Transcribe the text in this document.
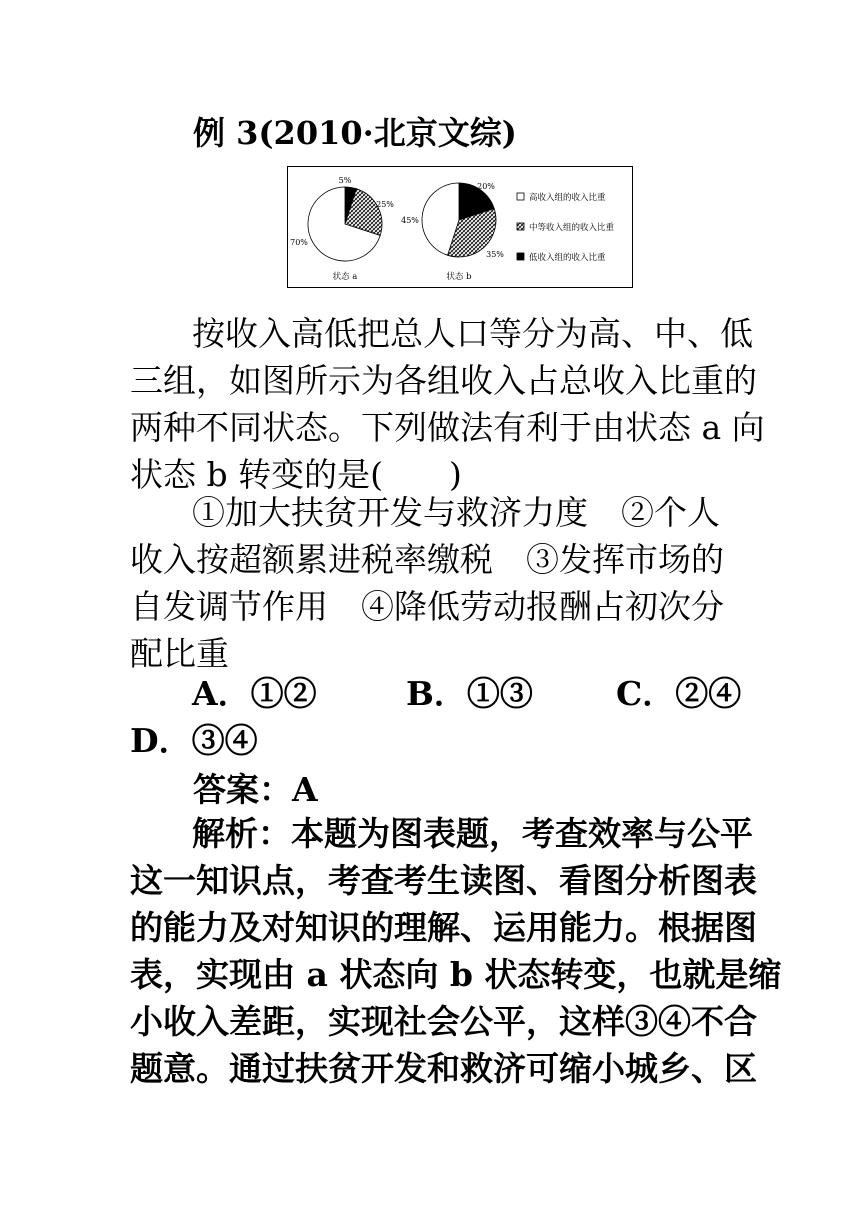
例 3(2010·北京文综)
5%
25%
70%
状态 a
20%
35%
45%
状态 b
高收入组的收入比重
中等收入组的收入比重
低收入组的收入比重
按收入高低把总人口等分为高、中、低
三组，如图所示为各组收入占总收入比重的
两种不同状态。下列做法有利于由状态 a 向
状态 b 转变的是(　　)
①加大扶贫开发与救济力度　②个人
收入按超额累进税率缴税　③发挥市场的
自发调节作用　④降低劳动报酬占初次分
配比重
A．①②	B．①③	C．②④
D．③④
答案：A
解析：本题为图表题，考查效率与公平
这一知识点，考查考生读图、看图分析图表
的能力及对知识的理解、运用能力。根据图
表，实现由 a 状态向 b 状态转变，也就是缩
小收入差距，实现社会公平，这样③④不合
题意。通过扶贫开发和救济可缩小城乡、区
